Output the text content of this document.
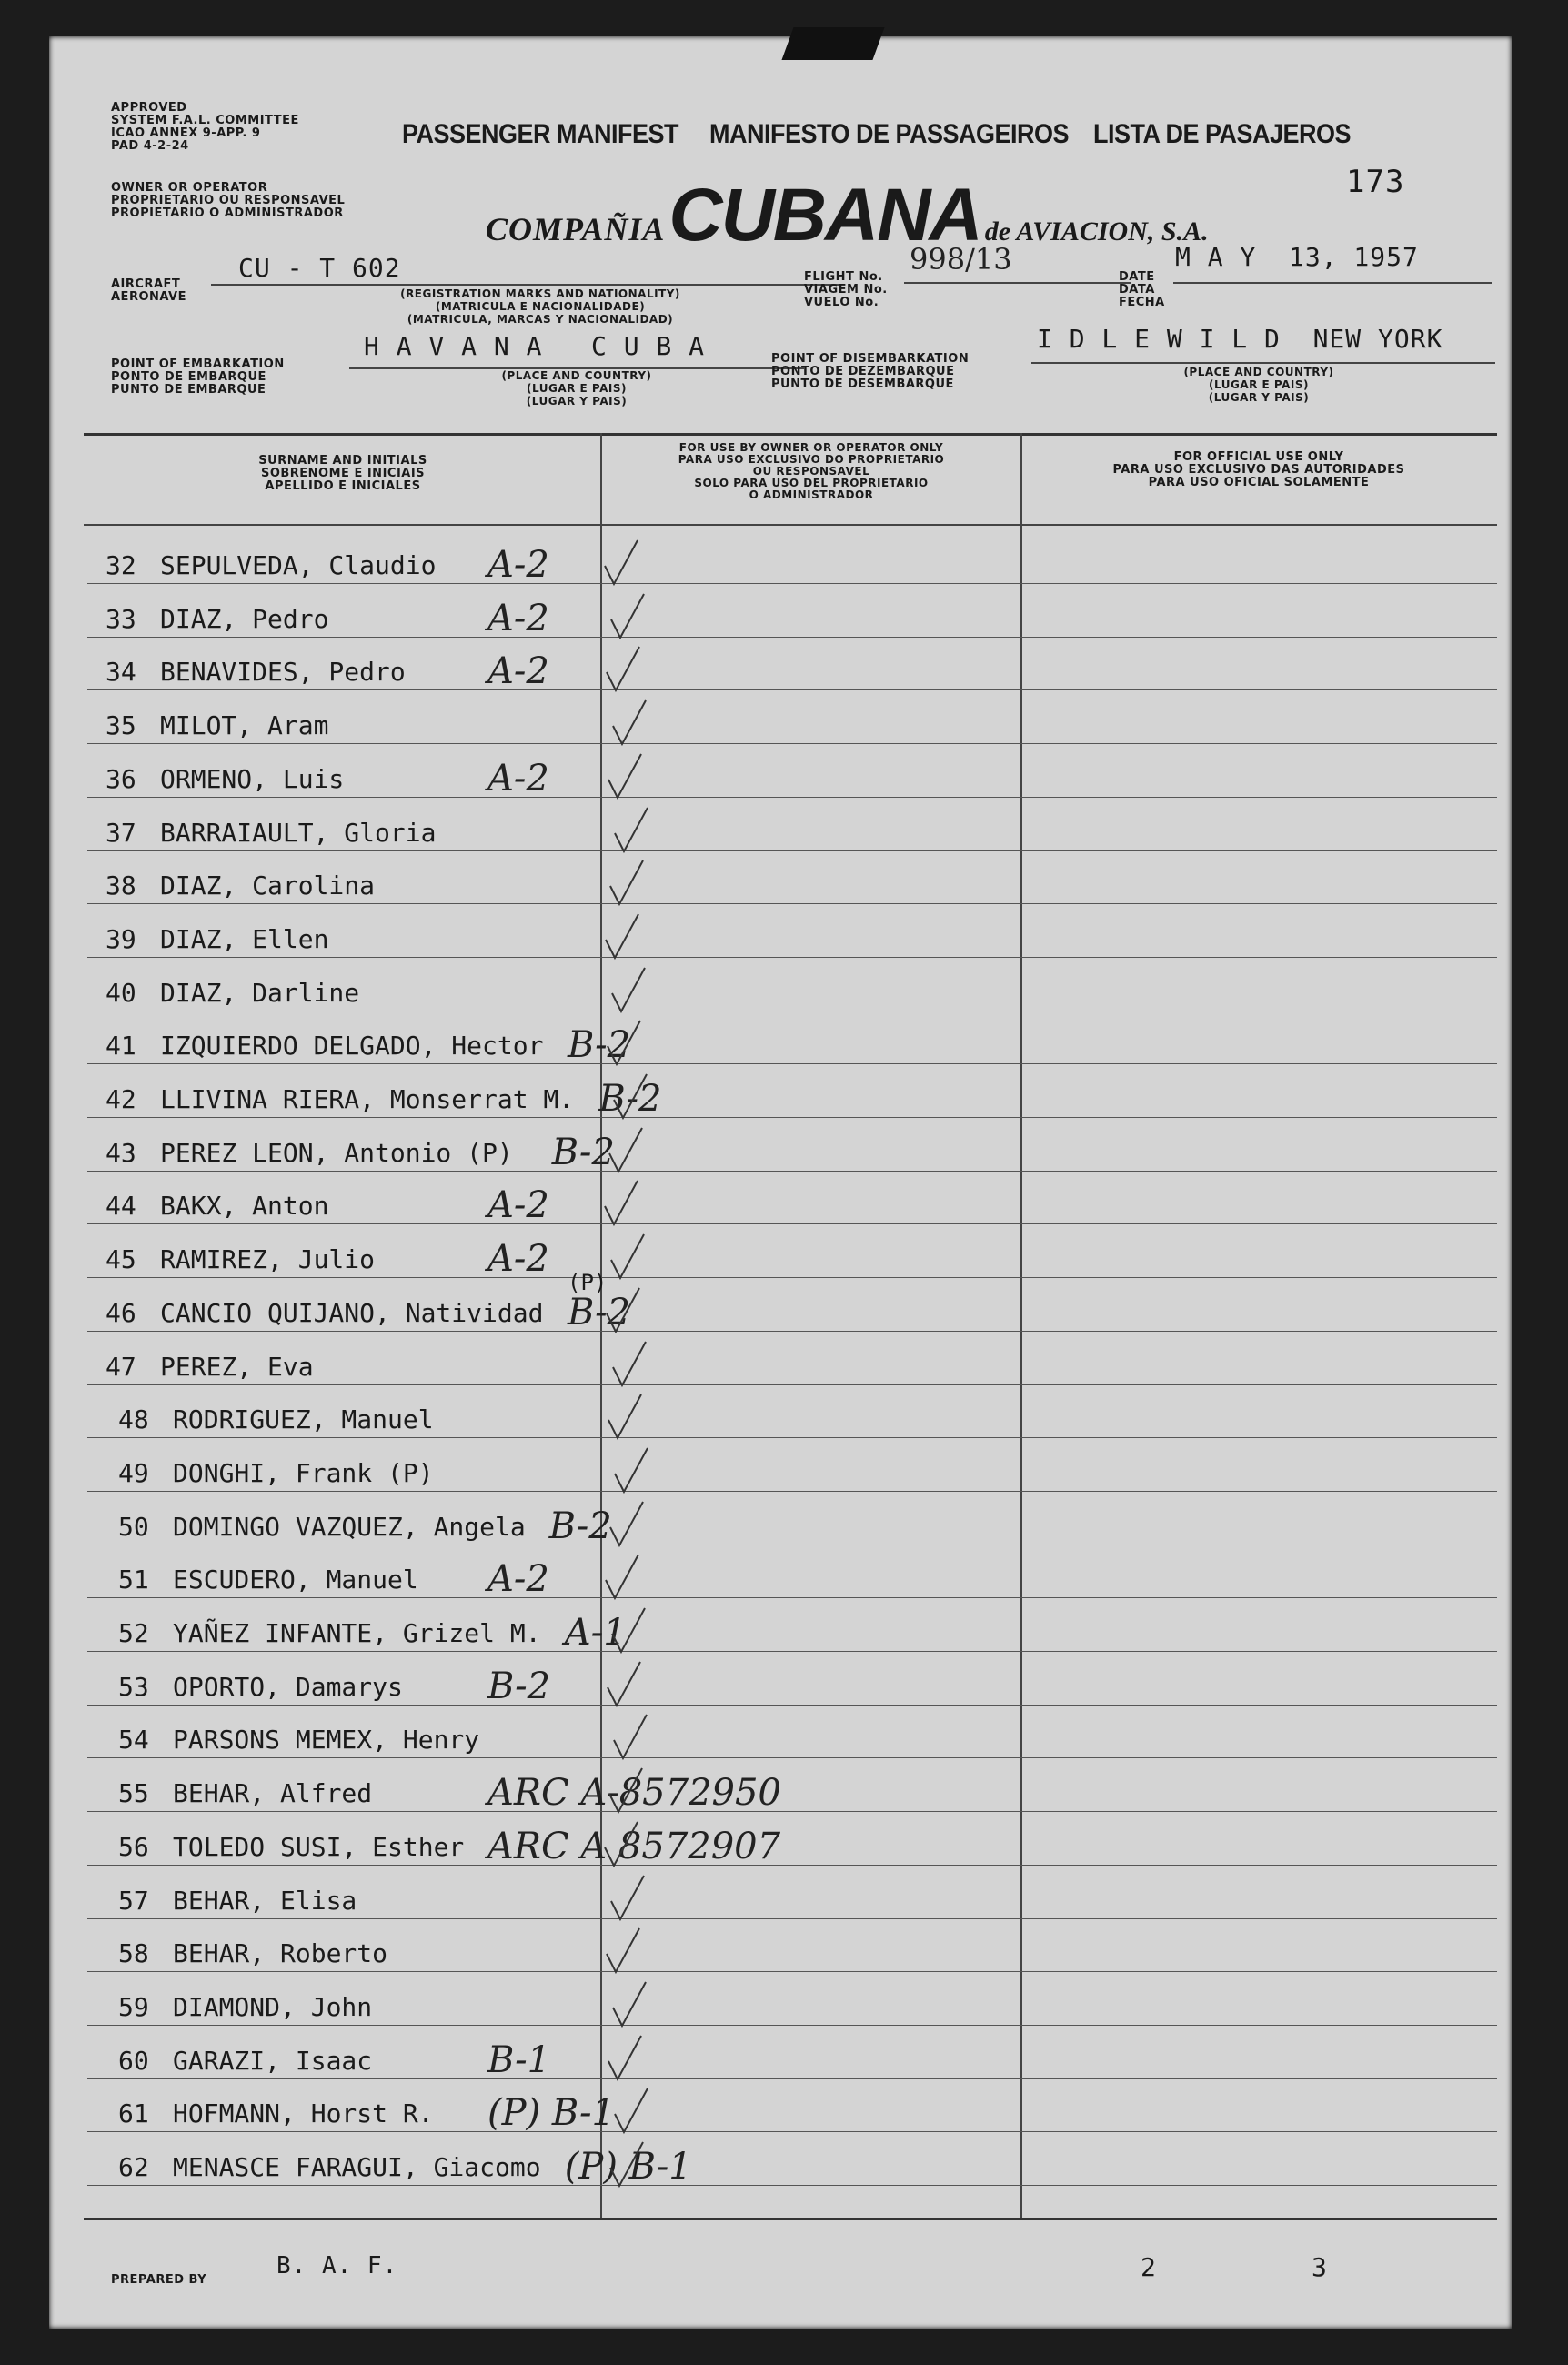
APPROVED
SYSTEM F.A.L. COMMITTEE
ICAO ANNEX 9-APP. 9
PAD 4-2-24	PASSENGER MANIFEST MANIFESTO DE PASSAGEIROS LISTA DE PASAJEROS
173
OWNER OR OPERATOR
PROPRIETARIO OU RESPONSAVEL
PROPIETARIO O ADMINISTRADOR	COMPAÑIA CUBANA de AVIACION, S.A.
AIRCRAFT
AERONAVE
CU - T 602
(REGISTRATION MARKS AND NATIONALITY)
(MATRICULA E NACIONALIDADE)
(MATRICULA, MARCAS Y NACIONALIDAD)
FLIGHT No.
VIAGEM No.
VUELO No.
998/13
DATE
DATA
FECHA
M A Y  13, 1957
POINT OF EMBARKATION
PONTO DE EMBARQUE
PUNTO DE EMBARQUE
H A V A N A   C U B A
(PLACE AND COUNTRY)
(LUGAR E PAIS)
(LUGAR Y PAIS)
POINT OF DISEMBARKATION
PONTO DE DEZEMBARQUE
PUNTO DE DESEMBARQUE
I D L E W I L D  NEW YORK
(PLACE AND COUNTRY)
(LUGAR E PAIS)
(LUGAR Y PAIS)
SURNAME AND INITIALS
SOBRENOME E INICIAIS
APELLIDO E INICIALES
FOR USE BY OWNER OR OPERATOR ONLY
PARA USO EXCLUSIVO DO PROPRIETARIO
OU RESPONSAVEL
SOLO PARA USO DEL PROPRIETARIO
O ADMINISTRADOR
FOR OFFICIAL USE ONLY
PARA USO EXCLUSIVO DAS AUTORIDADES
PARA USO OFICIAL SOLAMENTE
32 SEPULVEDA, Claudio A-2
33 DIAZ, Pedro	A-2
34 BENAVIDES, Pedro A-2
35 MILOT, Aram
36 ORMENO, Luis	A-2
37 BARRAIAULT, Gloria
38 DIAZ, Carolina
39 DIAZ, Ellen
40 DIAZ, Darline
41 IZQUIERDO DELGADO, Hector B-2
42 LLIVINA RIERA, Monserrat M. B-2
43 PEREZ LEON, Antonio (P) B-2
44 BAKX, Anton	A-2
45 RAMIREZ, Julio	A-2
46 CANCIO QUIJANO, Natividad B-2
47 PEREZ, Eva
48 RODRIGUEZ, Manuel
49 DONGHI, Frank (P)
50 DOMINGO VAZQUEZ, Angela B-2
51 ESCUDERO, Manuel A-2
52 YAÑEZ INFANTE, Grizel M. A-1
53 OPORTO, Damarys B-2
54 PARSONS MEMEX, Henry
55 BEHAR, Alfred	ARC A-8572950
56 TOLEDO SUSI, Esther ARC A 8572907
57 BEHAR, Elisa
58 BEHAR, Roberto
59 DIAMOND, John
60 GARAZI, Isaac	B-1
61 HOFMANN, Horst R. (P) B-1
62 MENASCE FARAGUI, Giacomo (P) B-1
(P)
PREPARED BY
B. A. F.	2	3
